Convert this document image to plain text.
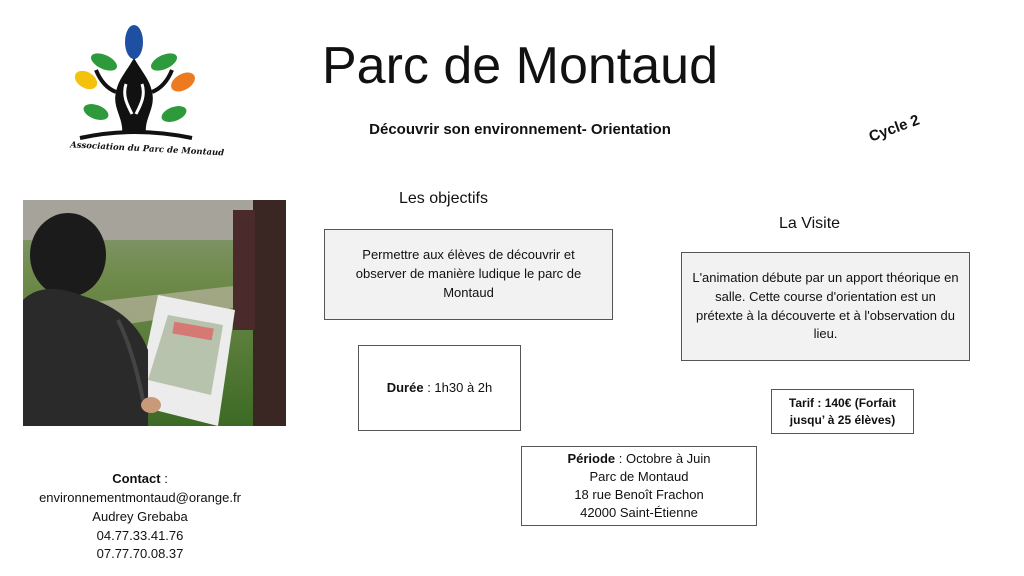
Association du Parc de Montaud
Parc de Montaud
Découvrir son environnement- Orientation	Cycle 2
Les objectifs
La Visite
Permettre aux élèves de découvrir et observer de manière ludique le parc de Montaud
L'animation débute par un apport théorique en salle. Cette course d'orientation est un prétexte à la découverte et à l'observation du lieu.
Durée : 1h30 à 2h
Tarif : 140€ (Forfait
jusqu’ à 25 élèves)
Période : Octobre à Juin
Parc de Montaud
18 rue Benoît Frachon
42000 Saint-Étienne
Contact :
environnementmontaud@orange.fr
Audrey Grebaba
04.77.33.41.76
07.77.70.08.37
